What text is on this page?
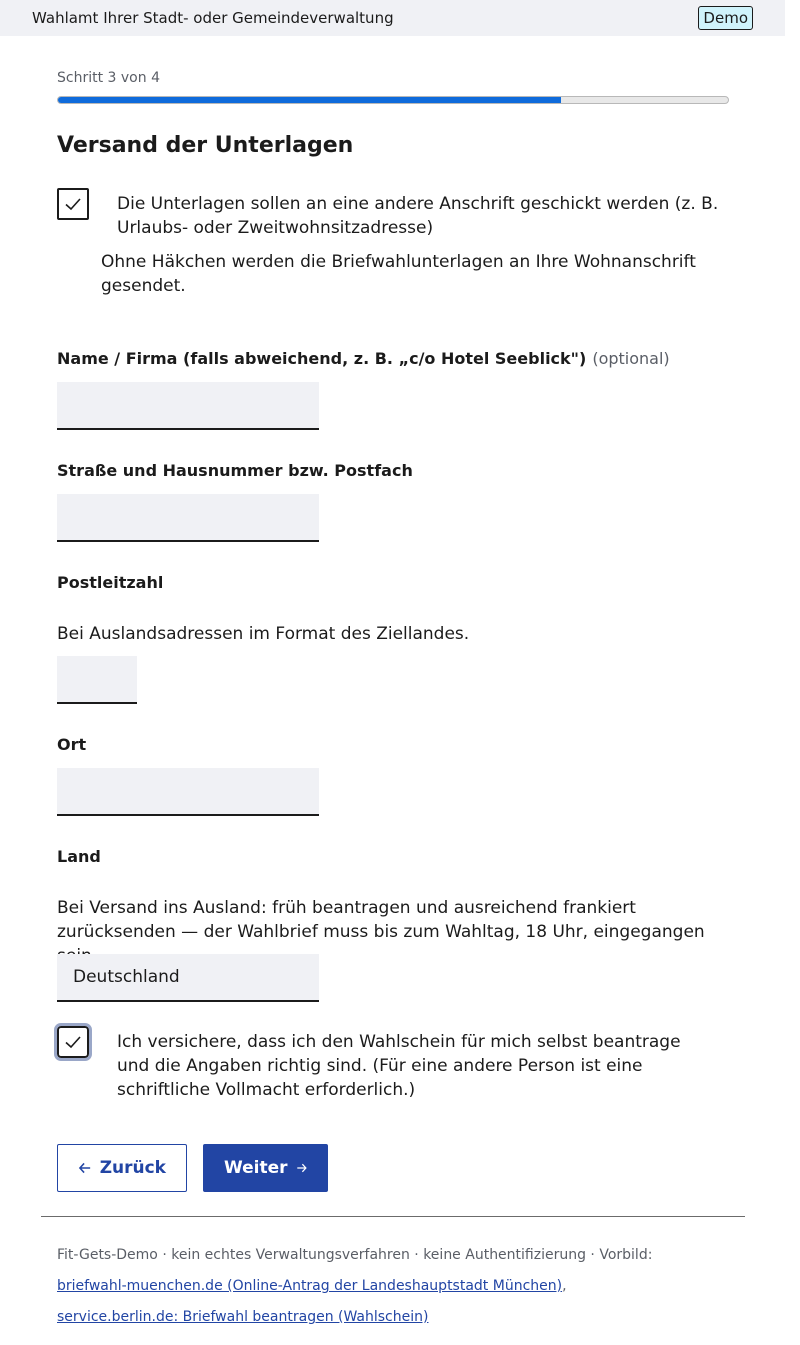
Wahlamt Ihrer Stadt- oder Gemeindeverwaltung	Demo
Schritt 3 von 4
Versand der Unterlagen
Die Unterlagen sollen an eine andere Anschrift geschickt werden (z. B. Urlaubs- oder Zweitwohnsitzadresse)
Ohne Häkchen werden die Briefwahlunterlagen an Ihre Wohnanschrift gesendet.
Name / Firma (falls abweichend, z. B. „c/o Hotel Seeblick") (optional)
Straße und Hausnummer bzw. Postfach
Postleitzahl
Bei Auslandsadressen im Format des Ziellandes.
Ort
Land
Bei Versand ins Ausland: früh beantragen und ausreichend frankiert zurücksenden — der Wahlbrief muss bis zum Wahltag, 18 Uhr, eingegangen
Deutschland
Ich versichere, dass ich den Wahlschein für mich selbst beantrage und die Angaben richtig sind. (Für eine andere Person ist eine schriftliche Vollmacht erforderlich.)
Zurück	Weiter
Fit-Gets-Demo · kein echtes Verwaltungsverfahren · keine Authentifizierung · Vorbild:
briefwahl-muenchen.de (Online-Antrag der Landeshauptstadt München),
service.berlin.de: Briefwahl beantragen (Wahlschein)
